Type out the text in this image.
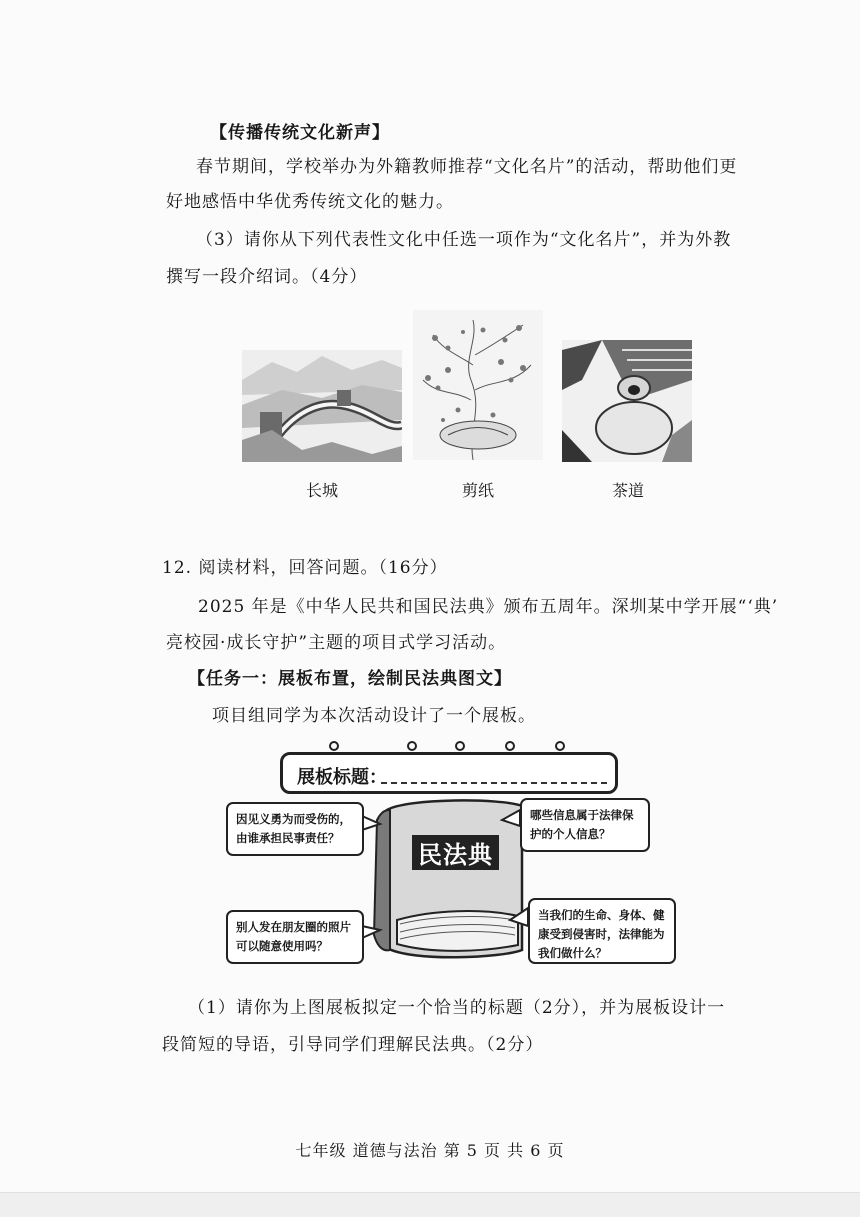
【传播传统文化新声】
春节期间，学校举办为外籍教师推荐“文化名片”的活动，帮助他们更
好地感悟中华优秀传统文化的魅力。
（3）请你从下列代表性文化中任选一项作为“文化名片”，并为外教
撰写一段介绍词。（4分）
长城	剪纸	茶道
12. 阅读材料，回答问题。（16分）
2025 年是《中华人民共和国民法典》颁布五周年。深圳某中学开展“‘典’
亮校园·成长守护”主题的项目式学习活动。
【任务一：展板布置，绘制民法典图文】
项目组同学为本次活动设计了一个展板。
展板标题：
民法典
因见义勇为而受伤的，由谁承担民事责任？
哪些信息属于法律保护的个人信息？
别人发在朋友圈的照片可以随意使用吗？
当我们的生命、身体、健康受到侵害时，法律能为我们做什么？
（1）请你为上图展板拟定一个恰当的标题（2分），并为展板设计一
段简短的导语，引导同学们理解民法典。（2分）
七年级 道德与法治 第 5 页 共 6 页
